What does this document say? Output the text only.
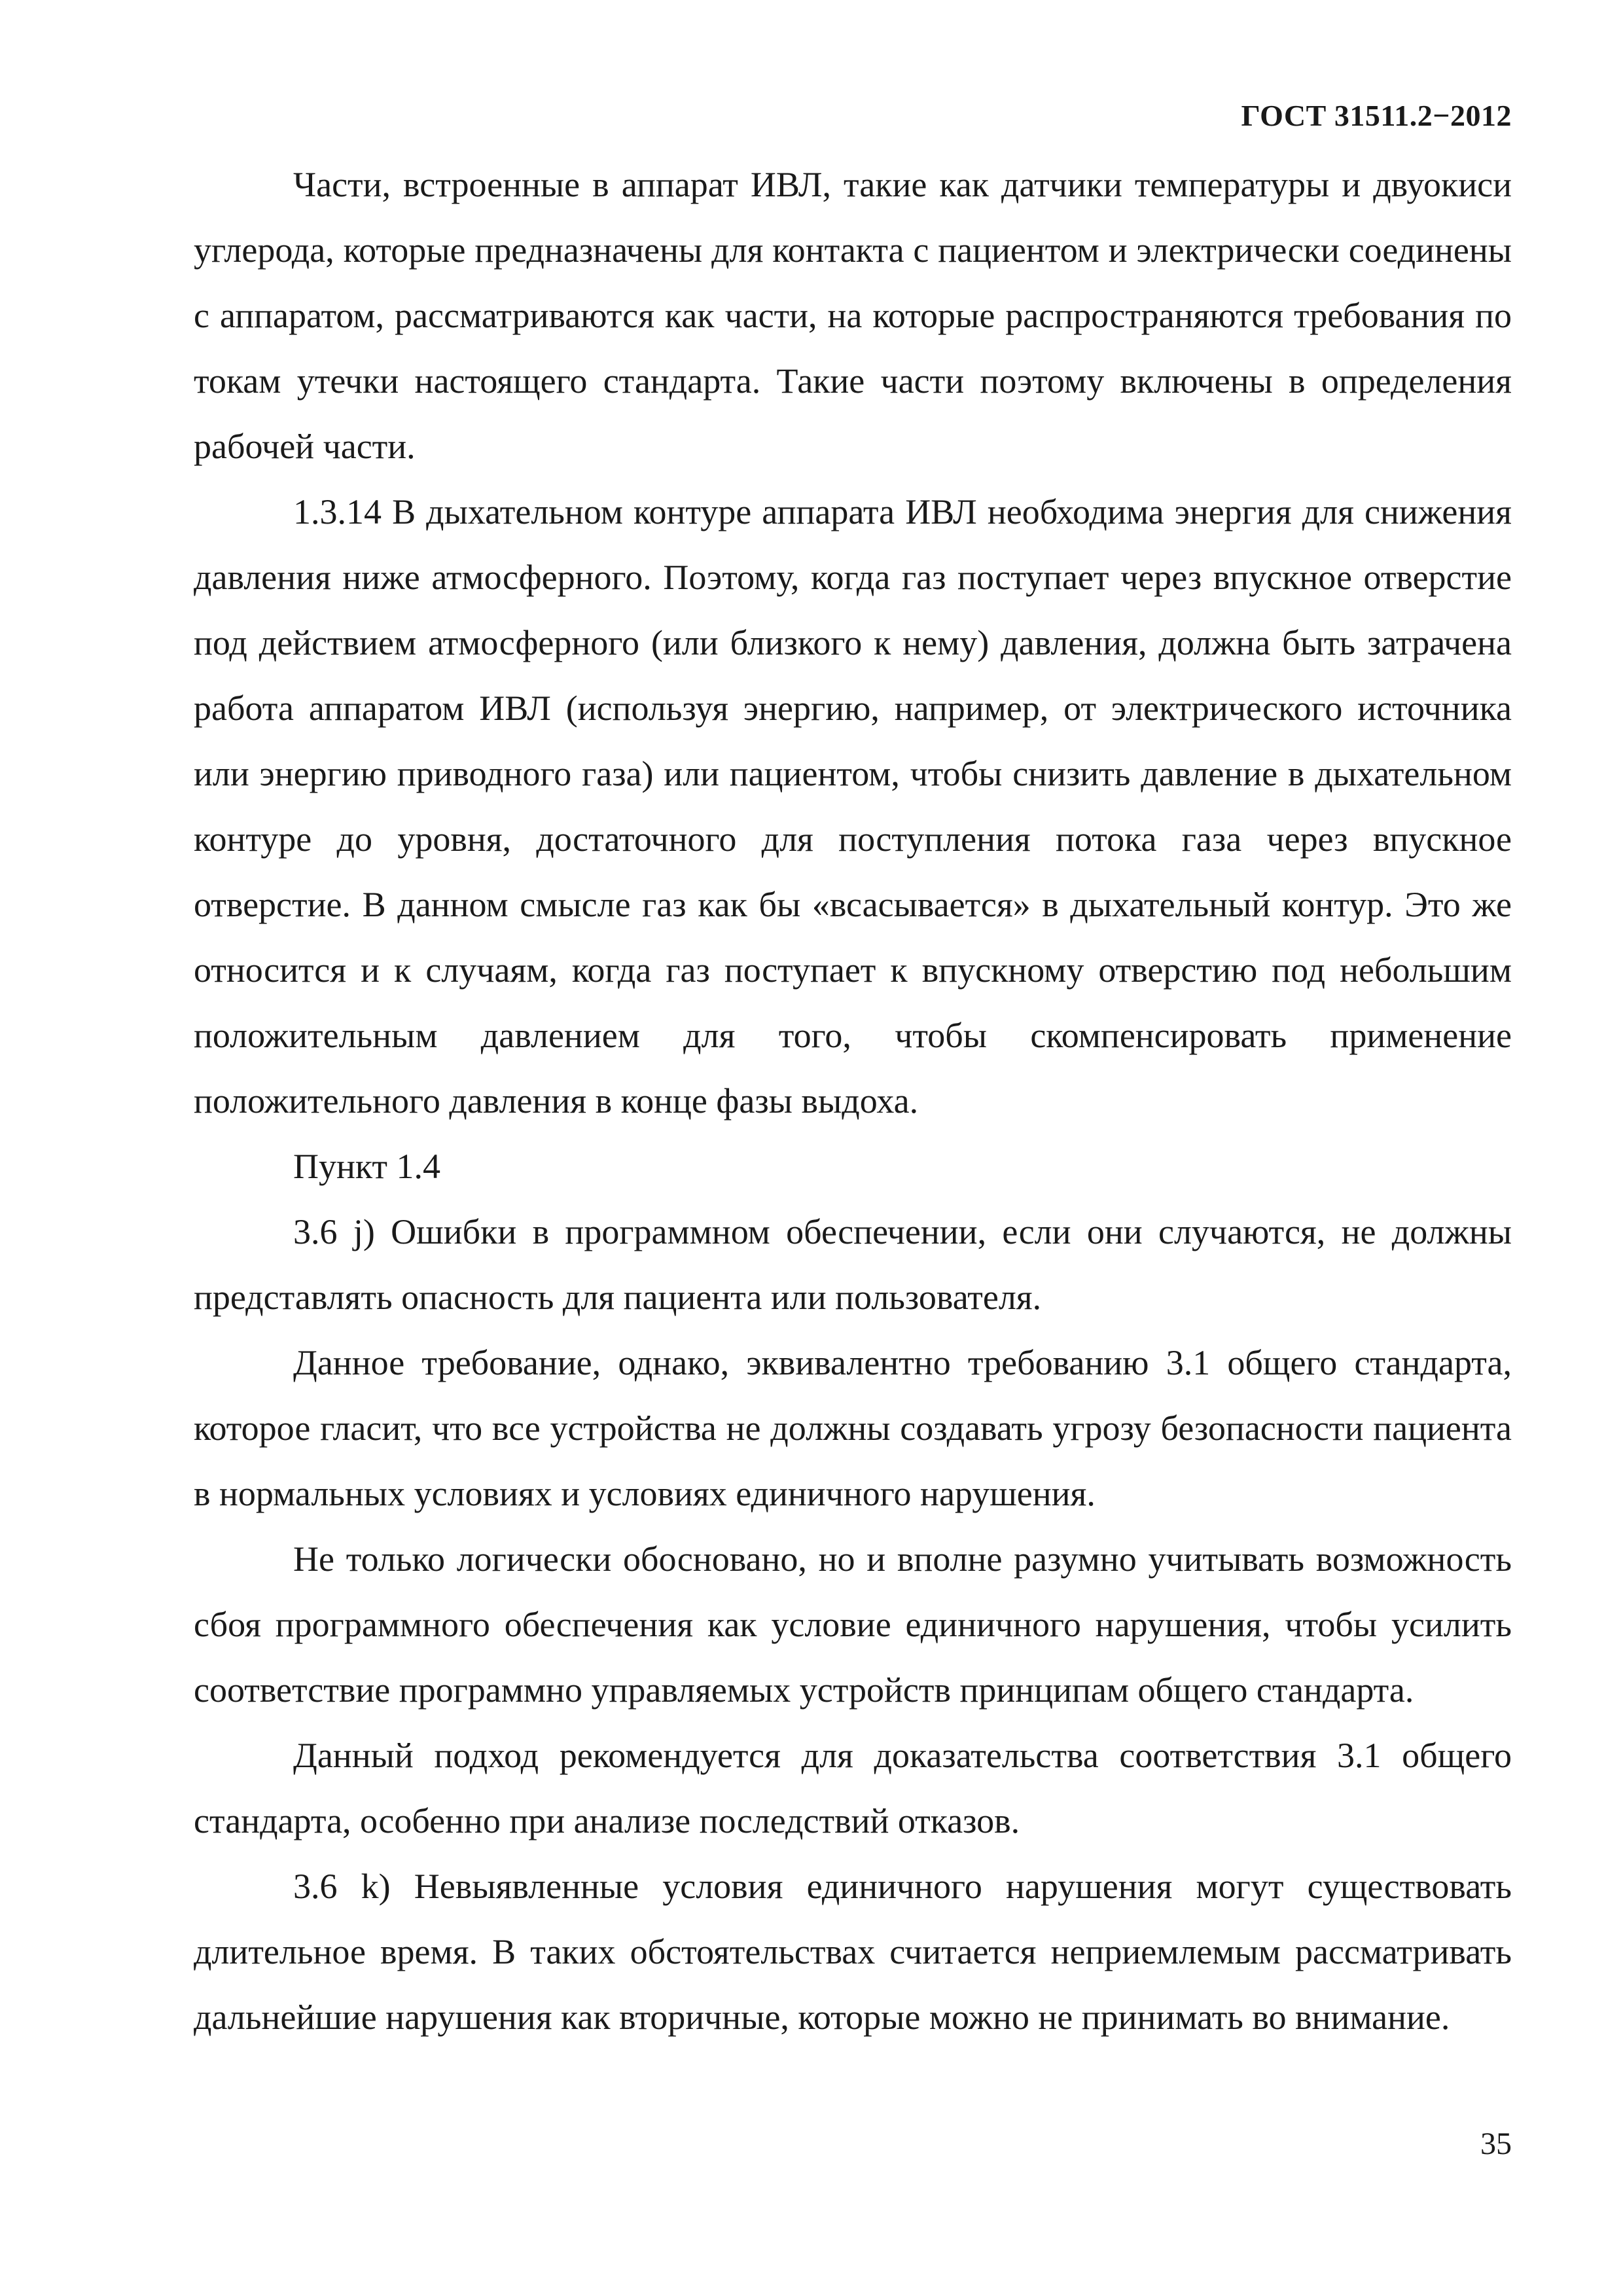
ГОСТ 31511.2−2012

Части, встроенные в аппарат ИВЛ, такие как датчики температуры и двуокиси углерода, которые предназначены для контакта с пациентом и электрически соединены с аппаратом, рассматриваются как части, на которые распространяются требования по токам утечки настоящего стандарта. Такие части поэтому включены в определения рабочей части.

1.3.14 В дыхательном контуре аппарата ИВЛ необходима энергия для снижения давления ниже атмосферного. Поэтому, когда газ поступает через впускное отверстие под действием атмосферного (или близкого к нему) давления, должна быть затрачена работа аппаратом ИВЛ (используя энергию, например, от электрического источника или энергию приводного газа) или пациентом, чтобы снизить давление в дыхательном контуре до уровня, достаточного для поступления потока газа через впускное отверстие. В данном смысле газ как бы «всасывается» в дыхательный контур. Это же относится и к случаям, когда газ поступает к впускному отверстию под небольшим положительным давлением для того, чтобы скомпенсировать применение положительного давления в конце фазы выдоха.

Пункт 1.4

3.6 j) Ошибки в программном обеспечении, если они случаются, не должны представлять опасность для пациента или пользователя.

Данное требование, однако, эквивалентно требованию 3.1 общего стандарта, которое гласит, что все устройства не должны создавать угрозу безопасности пациента в нормальных условиях и условиях единичного нарушения.

Не только логически обосновано, но и вполне разумно учитывать возможность сбоя программного обеспечения как условие единичного нарушения, чтобы усилить соответствие программно управляемых устройств принципам общего стандарта.

Данный подход рекомендуется для доказательства соответствия 3.1 общего стандарта, особенно при анализе последствий отказов.

3.6 k) Невыявленные условия единичного нарушения могут существовать длительное время. В таких обстоятельствах считается неприемлемым рассматривать дальнейшие нарушения как вторичные, которые можно не принимать во внимание.

35
